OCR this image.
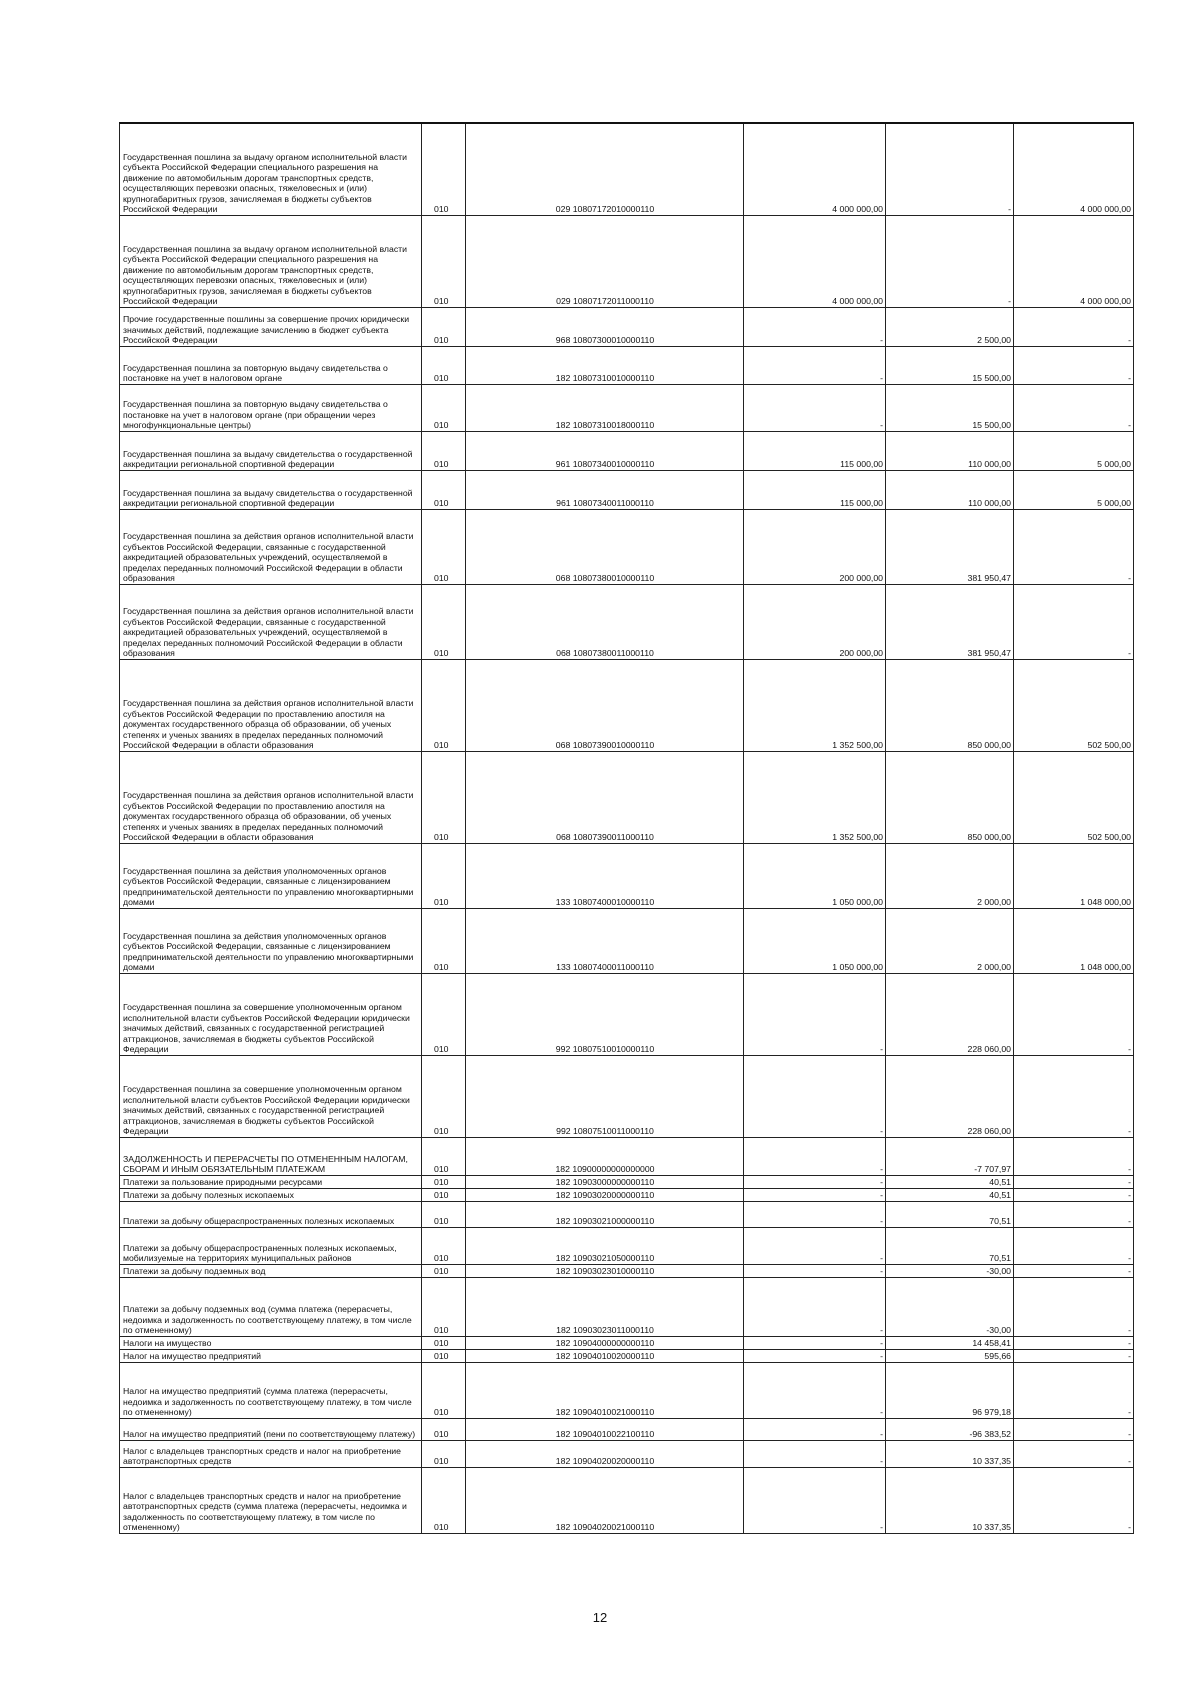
Государственная пошлина за выдачу органом исполнительной власти субъекта Российской Федерации специального разрешения на движение по автомобильным дорогам транспортных средств, осуществляющих перевозки опасных, тяжеловесных и (или) крупногабаритных грузов, зачисляемая в бюджеты субъектов Российской Федерации	010	029 10807172010000110	4 000 000,00	-	4 000 000,00
Государственная пошлина за выдачу органом исполнительной власти субъекта Российской Федерации специального разрешения на движение по автомобильным дорогам транспортных средств, осуществляющих перевозки опасных, тяжеловесных и (или) крупногабаритных грузов, зачисляемая в бюджеты субъектов Российской Федерации	010	029 10807172011000110	4 000 000,00	-	4 000 000,00
Прочие государственные пошлины за совершение прочих юридически значимых действий, подлежащие зачислению в бюджет субъекта Российской Федерации	010	968 10807300010000110	-	2 500,00	-
Государственная пошлина за повторную выдачу свидетельства о постановке на учет в налоговом органе	010	182 10807310010000110	-	15 500,00	-
Государственная пошлина за повторную выдачу свидетельства о постановке на учет в налоговом органе (при обращении через многофункциональные центры)	010	182 10807310018000110	-	15 500,00	-
Государственная пошлина за выдачу свидетельства о государственной аккредитации региональной спортивной федерации	010	961 10807340010000110	115 000,00	110 000,00	5 000,00
Государственная пошлина за выдачу свидетельства о государственной аккредитации региональной спортивной федерации	010	961 10807340011000110	115 000,00	110 000,00	5 000,00
Государственная пошлина за действия органов исполнительной власти субъектов Российской Федерации, связанные с государственной аккредитацией образовательных учреждений, осуществляемой в пределах переданных полномочий Российской Федерации в области образования	010	068 10807380010000110	200 000,00	381 950,47	-
Государственная пошлина за действия органов исполнительной власти субъектов Российской Федерации, связанные с государственной аккредитацией образовательных учреждений, осуществляемой в пределах переданных полномочий Российской Федерации в области образования	010	068 10807380011000110	200 000,00	381 950,47	-
Государственная пошлина за действия органов исполнительной власти субъектов Российской Федерации по проставлению апостиля на документах государственного образца об образовании, об ученых степенях и ученых званиях в пределах переданных полномочий Российской Федерации в области образования	010	068 10807390010000110	1 352 500,00	850 000,00	502 500,00
Государственная пошлина за действия органов исполнительной власти субъектов Российской Федерации по проставлению апостиля на документах государственного образца об образовании, об ученых степенях и ученых званиях в пределах переданных полномочий Российской Федерации в области образования	010	068 10807390011000110	1 352 500,00	850 000,00	502 500,00
Государственная пошлина за действия уполномоченных органов субъектов Российской Федерации, связанные с лицензированием предпринимательской деятельности по управлению многоквартирными домами	010	133 10807400010000110	1 050 000,00	2 000,00	1 048 000,00
Государственная пошлина за действия уполномоченных органов субъектов Российской Федерации, связанные с лицензированием предпринимательской деятельности по управлению многоквартирными домами	010	133 10807400011000110	1 050 000,00	2 000,00	1 048 000,00
Государственная пошлина за совершение уполномоченным органом исполнительной власти субъектов Российской Федерации юридически значимых действий, связанных с государственной регистрацией аттракционов, зачисляемая в бюджеты субъектов Российской Федерации	010	992 10807510010000110	-	228 060,00	-
Государственная пошлина за совершение уполномоченным органом исполнительной власти субъектов Российской Федерации юридически значимых действий, связанных с государственной регистрацией аттракционов, зачисляемая в бюджеты субъектов Российской Федерации	010	992 10807510011000110	-	228 060,00	-
ЗАДОЛЖЕННОСТЬ И ПЕРЕРАСЧЕТЫ ПО ОТМЕНЕННЫМ НАЛОГАМ, СБОРАМ И ИНЫМ ОБЯЗАТЕЛЬНЫМ ПЛАТЕЖАМ	010	182 10900000000000000	-	-7 707,97	-
Платежи за пользование природными ресурсами	010	182 10903000000000110	-	40,51	-
Платежи за добычу полезных ископаемых	010	182 10903020000000110	-	40,51	-
Платежи за добычу общераспространенных полезных ископаемых	010	182 10903021000000110	-	70,51	-
Платежи за добычу общераспространенных полезных ископаемых, мобилизуемые на территориях муниципальных районов	010	182 10903021050000110	-	70,51	-
Платежи за добычу подземных вод	010	182 10903023010000110	-	-30,00	-
Платежи за добычу подземных вод (сумма платежа (перерасчеты, недоимка и задолженность по соответствующему платежу, в том числе по отмененному)	010	182 10903023011000110	-	-30,00	-
Налоги на имущество	010	182 10904000000000110	-	14 458,41	-
Налог на имущество предприятий	010	182 10904010020000110	-	595,66	-
Налог на имущество предприятий (сумма платежа (перерасчеты, недоимка и задолженность по соответствующему платежу, в том числе по отмененному)	010	182 10904010021000110	-	96 979,18	-
Налог на имущество предприятий (пени по соответствующему платежу)	010	182 10904010022100110	-	-96 383,52	-
Налог с владельцев транспортных средств и налог на приобретение автотранспортных средств	010	182 10904020020000110	-	10 337,35	-
Налог с владельцев транспортных средств и налог на приобретение автотранспортных средств (сумма платежа (перерасчеты, недоимка и задолженность по соответствующему платежу, в том числе по отмененному)	010	182 10904020021000110	-	10 337,35	-
12
